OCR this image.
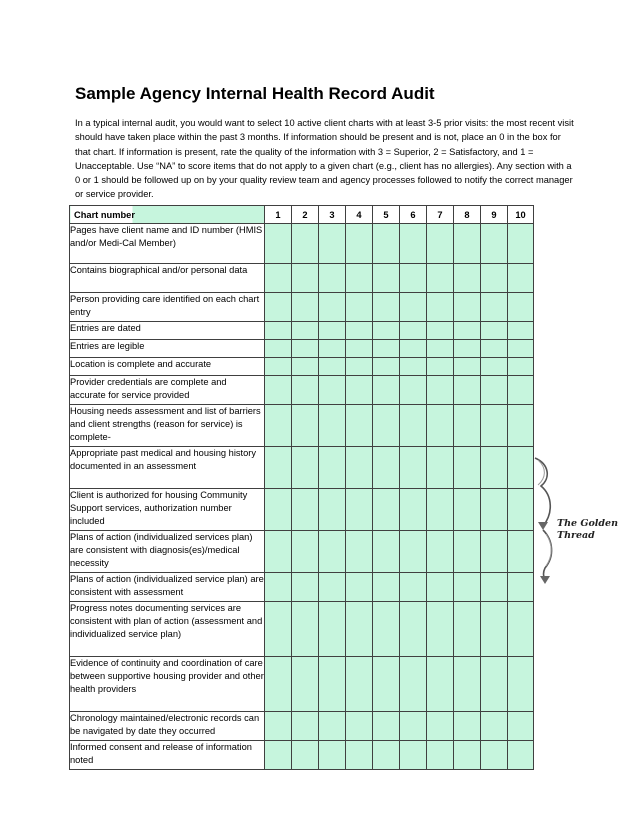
Sample Agency Internal Health Record Audit

In a typical internal audit, you would want to select 10 active client charts with at least 3-5 prior visits: the most recent visit should have taken place within the past 3 months. If information should be present and is not, place an 0 in the box for that chart. If information is present, rate the quality of the information with 3 = Superior, 2 = Satisfactory, and 1 = Unacceptable. Use “NA” to score items that do not apply to a given chart (e.g., client has no allergies). Any section with a 0 or 1 should be followed up on by your quality review team and agency processes followed to notify the correct manager or service provider.

Chart number	1	2	3	4	5	6	7	8	9	10
Pages have client name and ID number (HMIS and/or Medi-Cal Member)										
Contains biographical and/or personal data										
Person providing care identified on each chart entry										
Entries are dated										
Entries are legible										
Location is complete and accurate										
Provider credentials are complete and accurate for service provided										
Housing needs assessment and list of barriers and client strengths (reason for service) is complete-										
Appropriate past medical and housing history documented in an assessment										
Client is authorized for housing Community Support services, authorization number included										
Plans of action (individualized services plan) are consistent with diagnosis(es)/medical necessity										
Plans of action (individualized service plan) are consistent with assessment										
Progress notes documenting services are consistent with plan of action (assessment and individualized service plan)										
Evidence of continuity and coordination of care between supportive housing provider and other health providers										
Chronology maintained/electronic records can be navigated by date they occurred										
Informed consent and release of information noted										
The Golden
Thread
